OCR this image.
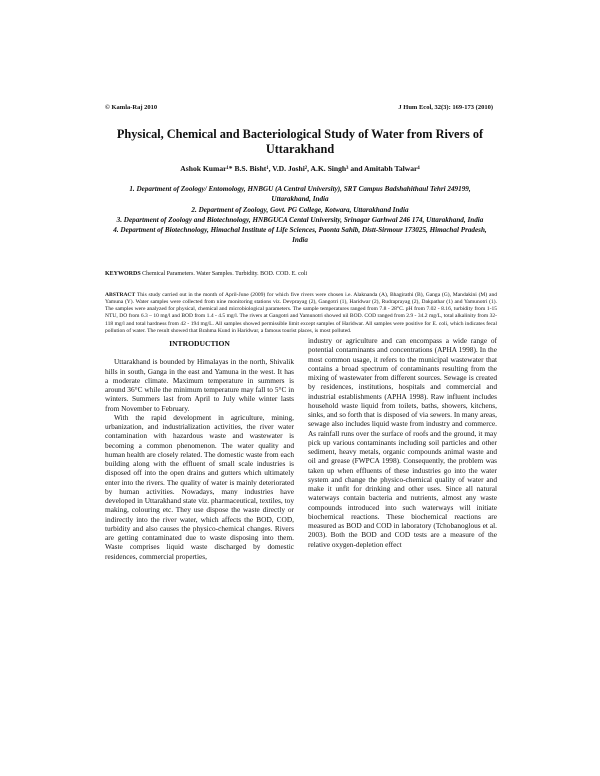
© Kamla-Raj 2010	J Hum Ecol, 32(3): 169-173 (2010)
Physical, Chemical and Bacteriological Study of Water from Rivers of Uttarakhand
Ashok Kumar¹* B.S. Bisht¹, V.D. Joshi², A.K. Singh³ and Amitabh Talwar⁴

1. Department of Zoology/ Entomology, HNBGU (A Central University), SRT Campus Badshahithaul Tehri 249199, Uttarakhand, India

2. Department of Zoology, Govt. PG College, Kotwara, Uttarakhand India

3. Department of Zoology and Biotechnology, HNBGUCA Cental University, Srinagar Garhwal 246 174, Uttarakhand, India

4. Department of Biotechnology, Himachal Institute of Life Sciences, Paonta Sahib, Distt-Sirmour 173025, Himachal Pradesh, India

KEYWORDS Chemical Parameters. Water Samples. Turbidity. BOD. COD. E. coli
ABSTRACT This study carried out in the month of April-June (2009) for which five rivers were chosen i.e. Alaknanda (A), Bhagirathi (B), Ganga (G), Mandakini (M) and Yamuna (Y). Water samples were collected from nine monitoring stations viz. Devprayag (2), Gangotri (1), Haridwar (2), Rudraprayag (2), Dakpathar (1) and Yamunotri (1). The samples were analyzed for physical, chemical and microbiological parameters. The sample temperatures ranged from 7.8 - 28°C. pH from 7.02 - 8.16, turbidity from 1-15 NTU, DO from 6.3 – 10 mg/l and BOD from 1.4 - 4.5 mg/l. The rivers at Gangotri and Yamunotri showed nil BOD. COD ranged from 2.9 - 34.2 mg/L, total alkalinity from 32-118 mg/l and total hardness from 42 - 194 mg/L. All samples showed permissible limit except samples of Haridwar. All samples were positive for E. coli, which indicates fecal pollution of water. The result showed that Brahma Kund in Haridwar, a famous tourist places, is most polluted.

INTRODUCTION

Uttarakhand is bounded by Himalayas in the north, Shivalik hills in south, Ganga in the east and Yamuna in the west. It has a moderate climate. Maximum temperature in summers is around 36°C while the minimum temperature may fall to 5°C in winters. Summers last from April to July while winter lasts from November to February.

With the rapid development in agriculture, mining, urbanization, and industrialization activities, the river water contamination with hazardous waste and wastewater is becoming a common phenomenon. The water quality and human health are closely related. The domestic waste from each building along with the effluent of small scale industries is disposed off into the open drains and gutters which ultimately enter into the rivers. The quality of water is mainly deteriorated by human activities. Nowadays, many industries have developed in Uttarakhand state viz. pharmaceutical, textiles, toy making, colouring etc. They use dispose the waste directly or indirectly into the river water, which affects the BOD, COD, turbidity and also causes the physico-chemical changes. Rivers are getting contaminated due to waste disposing into them. Waste comprises liquid waste discharged by domestic residences, commercial properties,

industry or agriculture and can encompass a wide range of potential contaminants and concentrations (APHA 1998). In the most common usage, it refers to the municipal wastewater that contains a broad spectrum of contaminants resulting from the mixing of wastewater from different sources. Sewage is created by residences, institutions, hospitals and commercial and industrial establishments (APHA 1998). Raw influent includes household waste liquid from toilets, baths, showers, kitchens, sinks, and so forth that is disposed of via sewers. In many areas, sewage also includes liquid waste from industry and commerce. As rainfall runs over the surface of roofs and the ground, it may pick up various contaminants including soil particles and other sediment, heavy metals, organic compounds animal waste and oil and grease (FWPCA 1998). Consequently, the problem was taken up when effluents of these industries go into the water system and change the physico-chemical quality of water and make it unfit for drinking and other uses. Since all natural waterways contain bacteria and nutrients, almost any waste compounds introduced into such waterways will initiate biochemical reactions. These biochemical reactions are measured as BOD and COD in laboratory (Tchobanoglous et al. 2003). Both the BOD and COD tests are a measure of the relative oxygen-depletion effect
